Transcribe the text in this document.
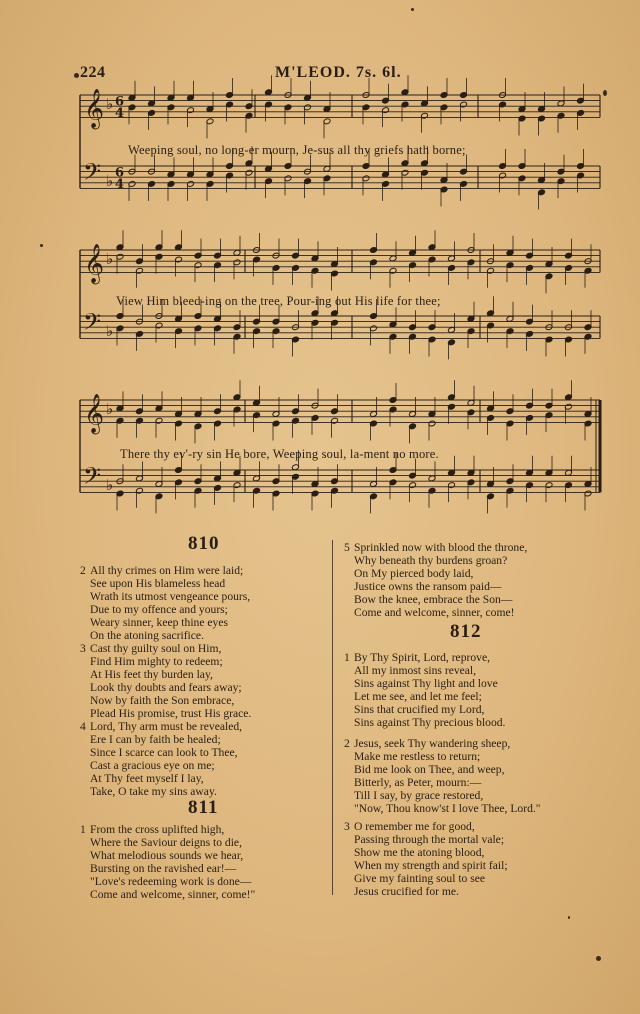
224	M'LEOD. 7s. 6l.
𝄞 ♭ 6
4
𝄢 ♭ 6
4
𝄞 ♭
𝄢 ♭
𝄞 ♭
𝄢 ♭
Weeping soul, no long-er mourn, Je-sus all thy griefs hath borne;
View Him bleed-ing on the tree, Pour-ing out His life for thee;
There thy ev'-ry sin He bore, Weeping soul, la-ment no more.
810
2 All thy crimes on Him were laid;
See upon His blameless head
Wrath its utmost vengeance pours,
Due to my offence and yours;
Weary sinner, keep thine eyes
On the atoning sacrifice.
3 Cast thy guilty soul on Him,
Find Him mighty to redeem;
At His feet thy burden lay,
Look thy doubts and fears away;
Now by faith the Son embrace,
Plead His promise, trust His grace.
4 Lord, Thy arm must be revealed,
Ere I can by faith be healed;
Since I scarce can look to Thee,
Cast a gracious eye on me;
At Thy feet myself I lay,
Take, O take my sins away.
811
1 From the cross uplifted high,
Where the Saviour deigns to die,
What melodious sounds we hear,
Bursting on the ravished ear!—
"Love's redeeming work is done—
Come and welcome, sinner, come!"
5 Sprinkled now with blood the throne,
Why beneath thy burdens groan?
On My pierced body laid,
Justice owns the ransom paid—
Bow the knee, embrace the Son—
Come and welcome, sinner, come!
812
1 By Thy Spirit, Lord, reprove,
All my inmost sins reveal,
Sins against Thy light and love
Let me see, and let me feel;
Sins that crucified my Lord,
Sins against Thy precious blood.
2 Jesus, seek Thy wandering sheep,
Make me restless to return;
Bid me look on Thee, and weep,
Bitterly, as Peter, mourn:—
Till I say, by grace restored,
"Now, Thou know'st I love Thee, Lord."
3 O remember me for good,
Passing through the mortal vale;
Show me the atoning blood,
When my strength and spirit fail;
Give my fainting soul to see
Jesus crucified for me.
